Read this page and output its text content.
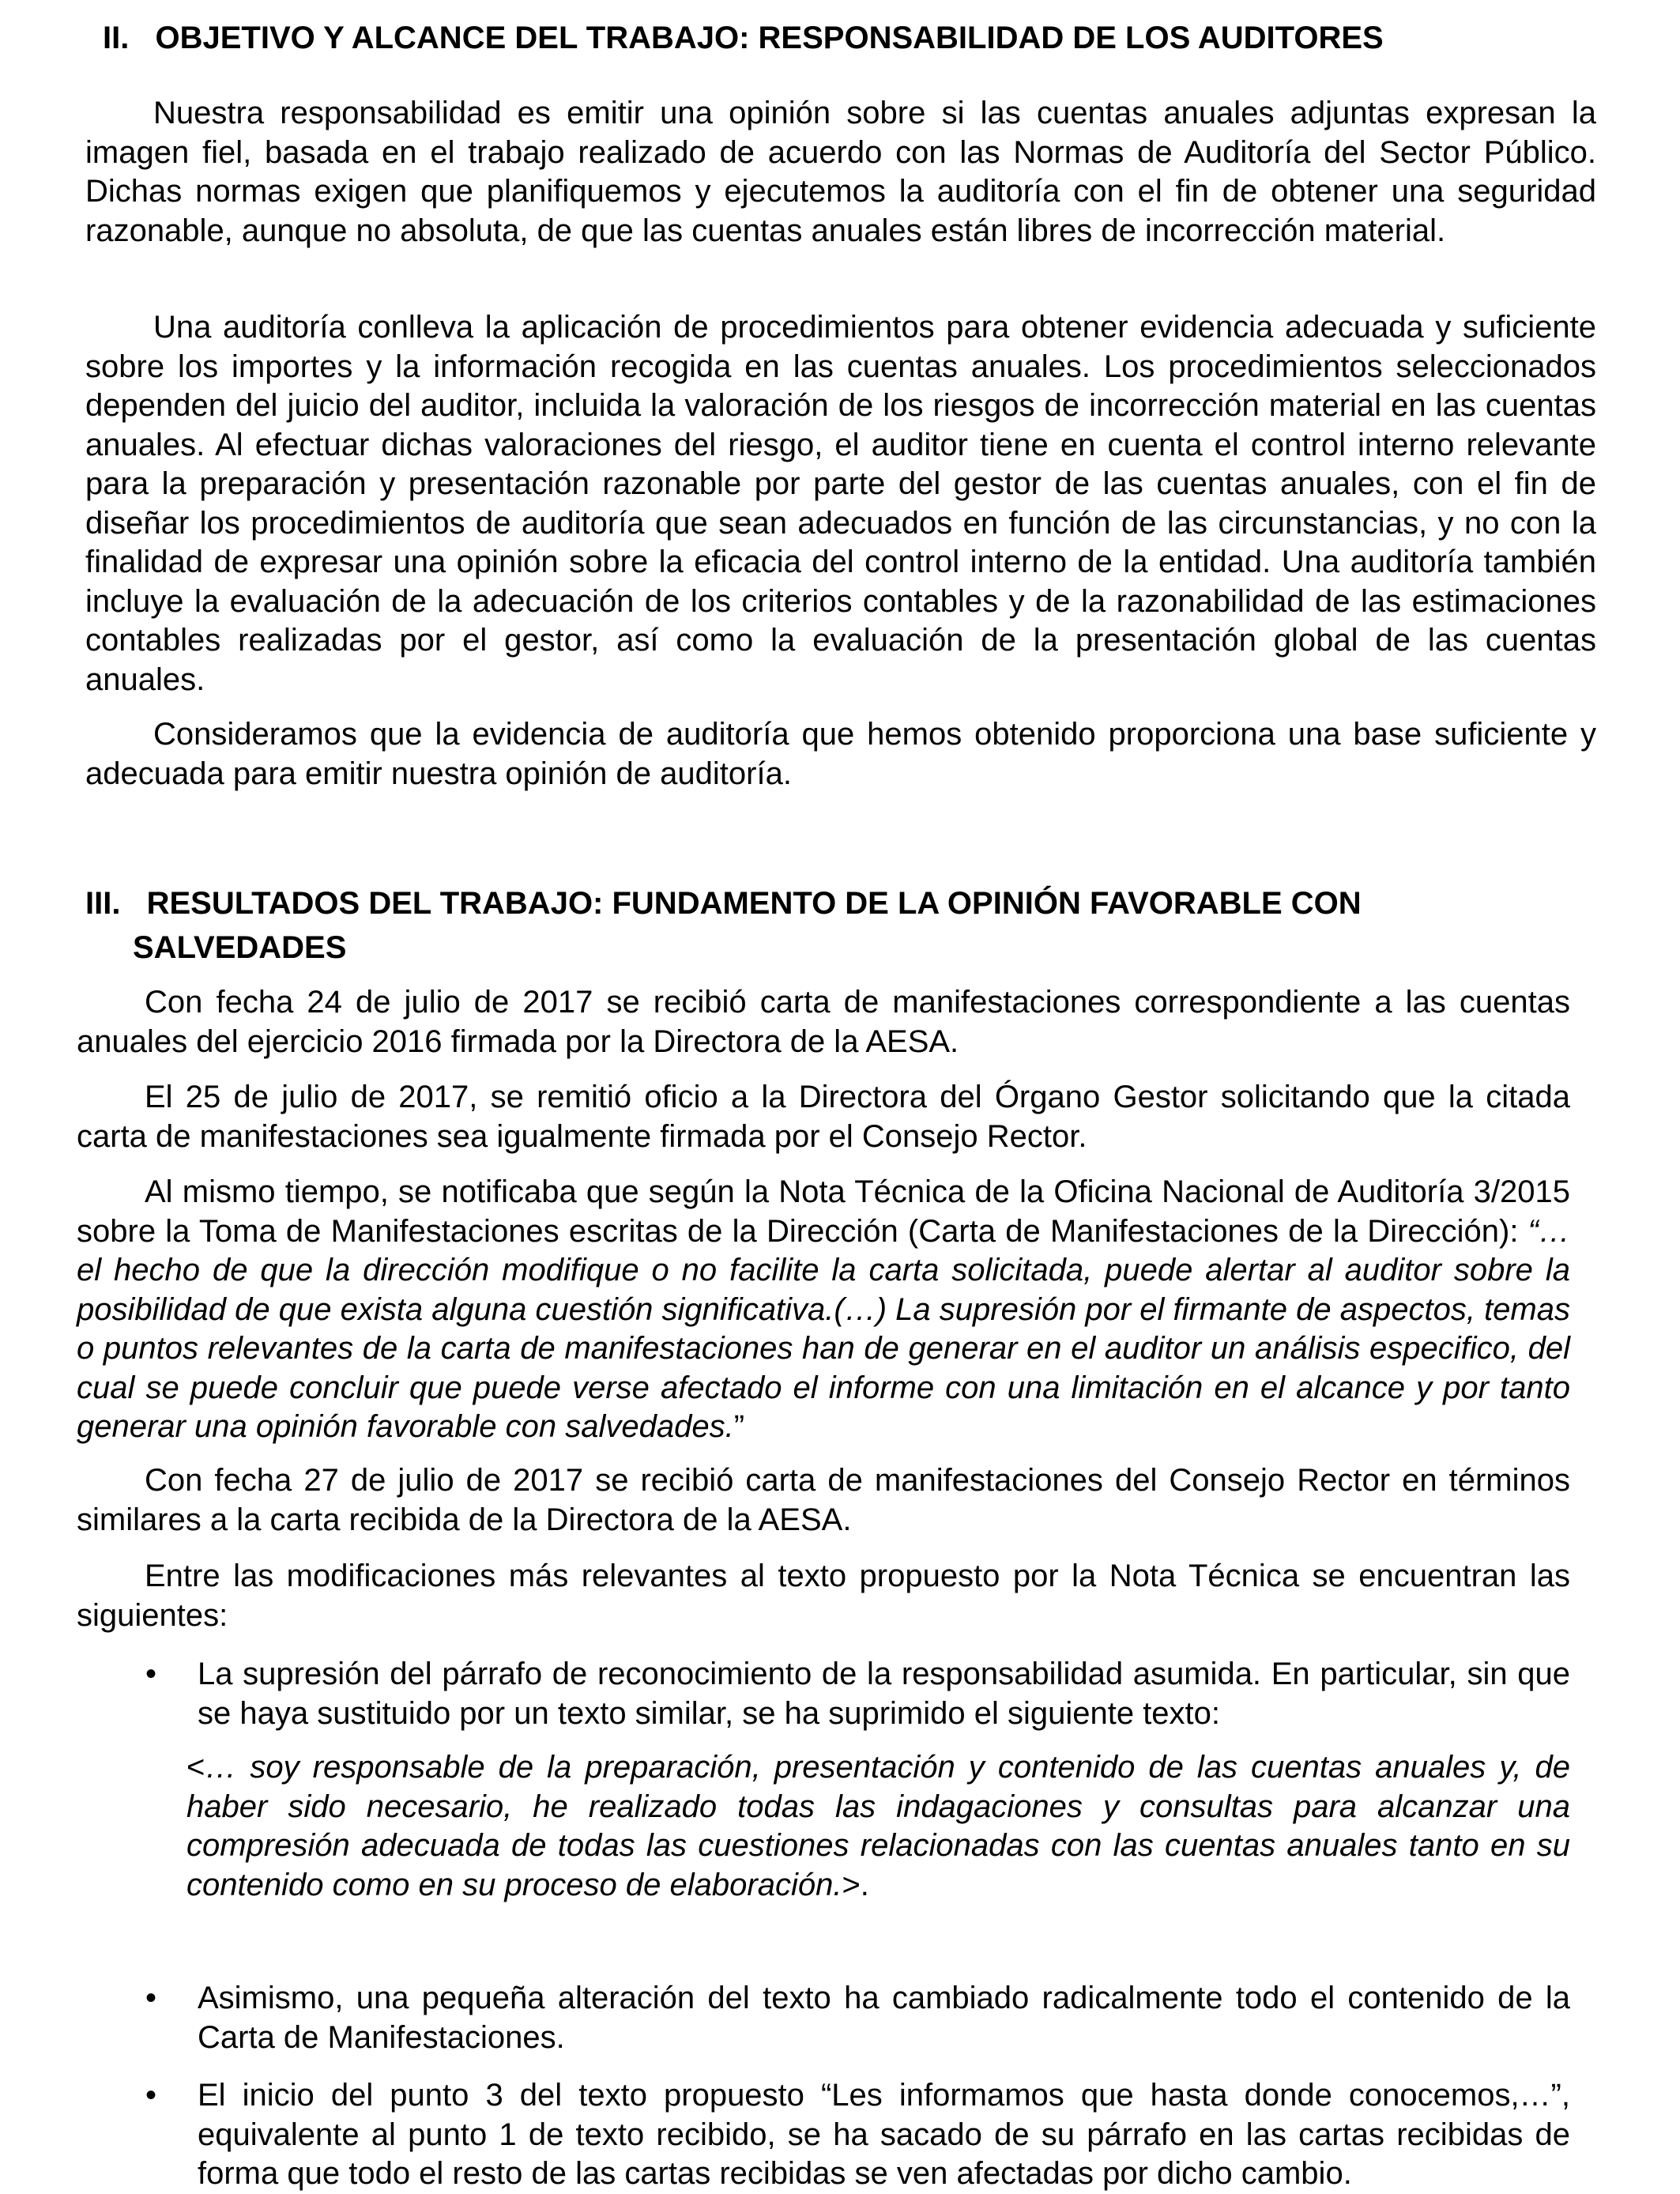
II. OBJETIVO Y ALCANCE DEL TRABAJO: RESPONSABILIDAD DE LOS AUDITORES

Nuestra responsabilidad es emitir una opinión sobre si las cuentas anuales adjuntas expresan la imagen fiel, basada en el trabajo realizado de acuerdo con las Normas de Auditoría del Sector Público. Dichas normas exigen que planifiquemos y ejecutemos la auditoría con el fin de obtener una seguridad razonable, aunque no absoluta, de que las cuentas anuales están libres de incorrección material.

Una auditoría conlleva la aplicación de procedimientos para obtener evidencia adecuada y suficiente sobre los importes y la información recogida en las cuentas anuales. Los procedimientos seleccionados dependen del juicio del auditor, incluida la valoración de los riesgos de incorrección material en las cuentas anuales. Al efectuar dichas valoraciones del riesgo, el auditor tiene en cuenta el control interno relevante para la preparación y presentación razonable por parte del gestor de las cuentas anuales, con el fin de diseñar los procedimientos de auditoría que sean adecuados en función de las circunstancias, y no con la finalidad de expresar una opinión sobre la eficacia del control interno de la entidad. Una auditoría también incluye la evaluación de la adecuación de los criterios contables y de la razonabilidad de las estimaciones contables realizadas por el gestor, así como la evaluación de la presentación global de las cuentas anuales.

Consideramos que la evidencia de auditoría que hemos obtenido proporciona una base suficiente y adecuada para emitir nuestra opinión de auditoría.

III. RESULTADOS DEL TRABAJO: FUNDAMENTO DE LA OPINIÓN FAVORABLE CON
SALVEDADES

Con fecha 24 de julio de 2017 se recibió carta de manifestaciones correspondiente a las cuentas anuales del ejercicio 2016 firmada por la Directora de la AESA.

El 25 de julio de 2017, se remitió oficio a la Directora del Órgano Gestor solicitando que la citada carta de manifestaciones sea igualmente firmada por el Consejo Rector.

Al mismo tiempo, se notificaba que según la Nota Técnica de la Oficina Nacional de Auditoría 3/2015 sobre la Toma de Manifestaciones escritas de la Dirección (Carta de Manifestaciones de la Dirección): “… el hecho de que la dirección modifique o no facilite la carta solicitada, puede alertar al auditor sobre la posibilidad de que exista alguna cuestión significativa.(…) La supresión por el firmante de aspectos, temas o puntos relevantes de la carta de manifestaciones han de generar en el auditor un análisis especifico, del cual se puede concluir que puede verse afectado el informe con una limitación en el alcance y por tanto generar una opinión favorable con salvedades.”

Con fecha 27 de julio de 2017 se recibió carta de manifestaciones del Consejo Rector en términos similares a la carta recibida de la Directora de la AESA.

Entre las modificaciones más relevantes al texto propuesto por la Nota Técnica se encuentran las siguientes:

• La supresión del párrafo de reconocimiento de la responsabilidad asumida. En particular, sin que se haya sustituido por un texto similar, se ha suprimido el siguiente texto:

<… soy responsable de la preparación, presentación y contenido de las cuentas anuales y, de haber sido necesario, he realizado todas las indagaciones y consultas para alcanzar una compresión adecuada de todas las cuestiones relacionadas con las cuentas anuales tanto en su contenido como en su proceso de elaboración.>.

• Asimismo, una pequeña alteración del texto ha cambiado radicalmente todo el contenido de la Carta de Manifestaciones.

• El inicio del punto 3 del texto propuesto “Les informamos que hasta donde conocemos,…”, equivalente al punto 1 de texto recibido, se ha sacado de su párrafo en las cartas recibidas de forma que todo el resto de las cartas recibidas se ven afectadas por dicho cambio.
